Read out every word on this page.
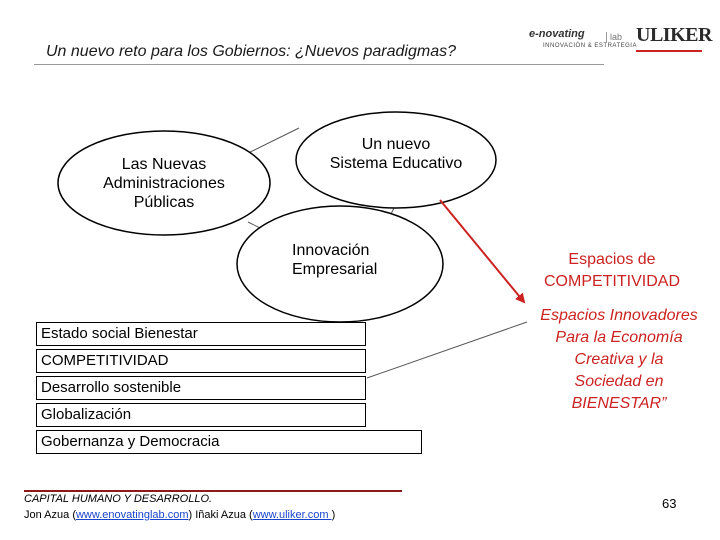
Un nuevo reto para los Gobiernos: ¿Nuevos paradigmas?
e-novating	lab
INNOVACIÓN & ESTRATEGIA ULIKER
Las Nuevas
Administraciones
Públicas
Un nuevo
Sistema Educativo
Innovación
Empresarial
Espacios de
COMPETITIVIDAD
Espacios Innovadores
Para la Economía
Creativa y la
Sociedad en
BIENESTAR”
Estado social Bienestar
COMPETITIVIDAD
Desarrollo sostenible
Globalización
Gobernanza y Democracia
CAPITAL HUMANO Y DESARROLLO.
Jon Azua (www.enovatinglab.com) Iñaki Azua (www.uliker.com )
63
